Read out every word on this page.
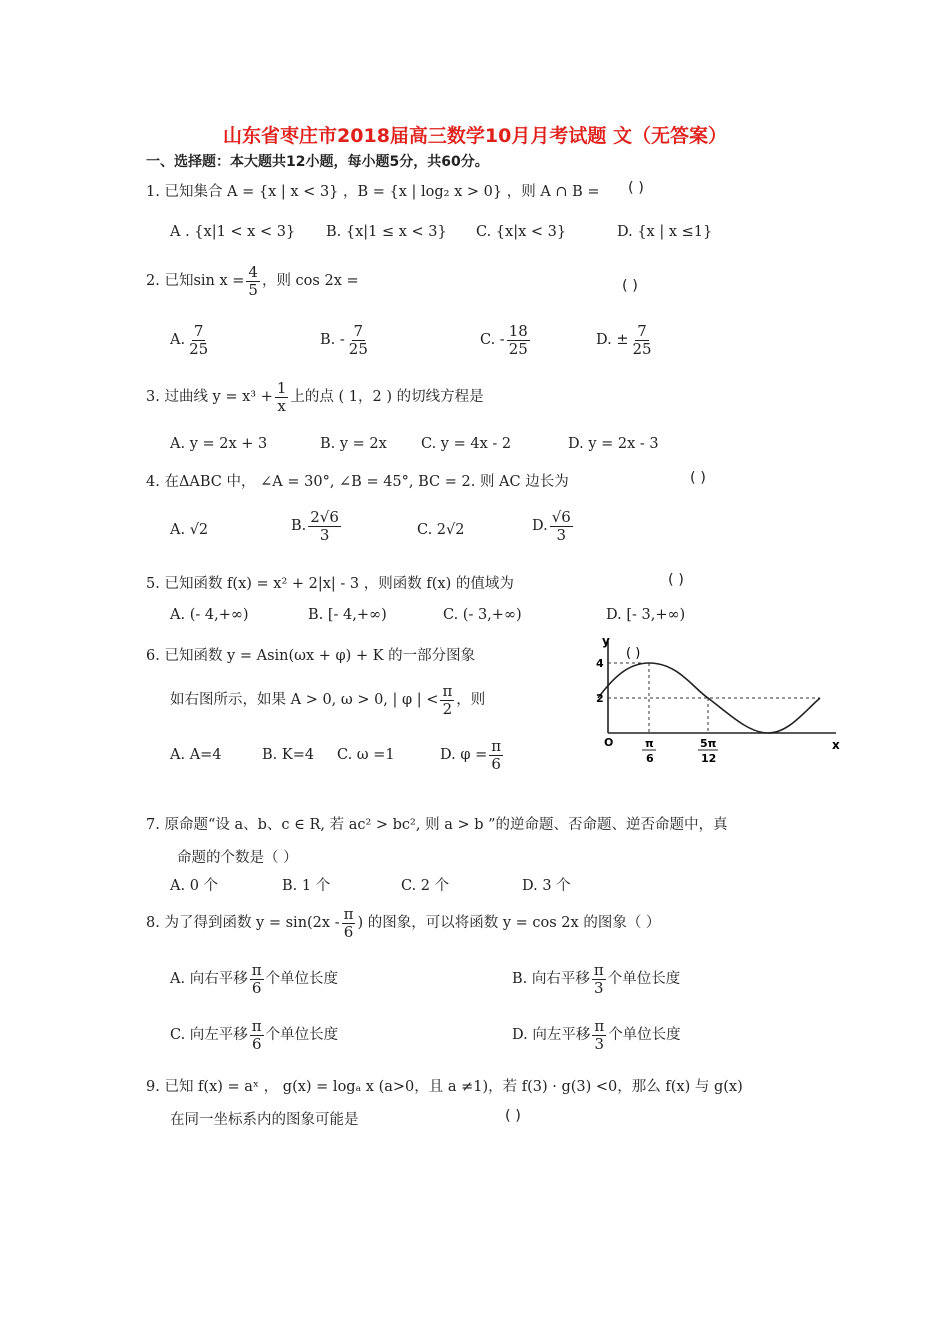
山东省枣庄市2018届高三数学10月月考试题 文（无答案）
一、选择题：本大题共12小题，每小题5分，共60分。
1. 已知集合 A = {x | x < 3} ，B = {x | log₂ x > 0} ，则 A ∩ B = ( )
A . {x|1 < x < 3} B. {x|1 ≤ x < 3} C. {x|x < 3}	D. {x | x ≤1}
2. 已知$\sin x = \frac{4}{5}$ ，则 cos 2x =	( )
A. $\frac{7}{25}$	B. - $\frac{7}{25}$	C. - $\frac{18}{25}$	D. ± $\frac{7}{25}$
3. 过曲线 $y = x^3 + \frac{1}{x}$ 上的点 ( 1，2 ) 的切线方程是
A. y = 2x + 3	B. y = 2x C. y = 4x - 2	D. y = 2x - 3
4. 在ΔABC 中， ∠A = 30°, ∠B = 45°, BC = 2. 则 AC 边长为	( )
A. √2	B. $\frac{2√6}{3}$	C. 2√2	D. $\frac{√6}{3}$
5. 已知函数 f(x) = x² + 2|x| - 3 ，则函数 f(x) 的值域为	( )
A. (- 4,+∞)	B. [- 4,+∞)	C. (- 3,+∞)	D. [- 3,+∞)
6. 已知函数 y = Asin(ωx + φ) + K 的一部分图象
如右图所示，如果 A > 0, ω > 0, | φ | < $\frac{\pi}{2}$ ，则
A. A=4	B. K=4 C. ω =1	D. $\varphi = \frac{\pi}{6}$
y
x
O
4
2
π
6
5π
12
( )
7. 原命题“设 a、b、c ∈ R, 若 ac² > bc², 则 a > b ”的逆命题、否命题、逆否命题中，真
命题的个数是（ ）
A. 0 个	B. 1 个	C. 2 个	D. 3 个
8. 为了得到函数 $y = \sin(2x - \frac{\pi}{6}$ ) 的图象，可以将函数 y = cos 2x 的图象（ ）
A. 向右平移 $\frac{\pi}{6}$ 个单位长度	B. 向右平移 $\frac{\pi}{3}$ 个单位长度
C. 向左平移 $\frac{\pi}{6}$ 个单位长度	D. 向左平移 $\frac{\pi}{3}$ 个单位长度
9. 已知 f(x) = aˣ ， g(x) = logₐ x (a>0，且 a ≠1)，若 f(3) · g(3) <0，那么 f(x) 与 g(x)
在同一坐标系内的图象可能是	( )
